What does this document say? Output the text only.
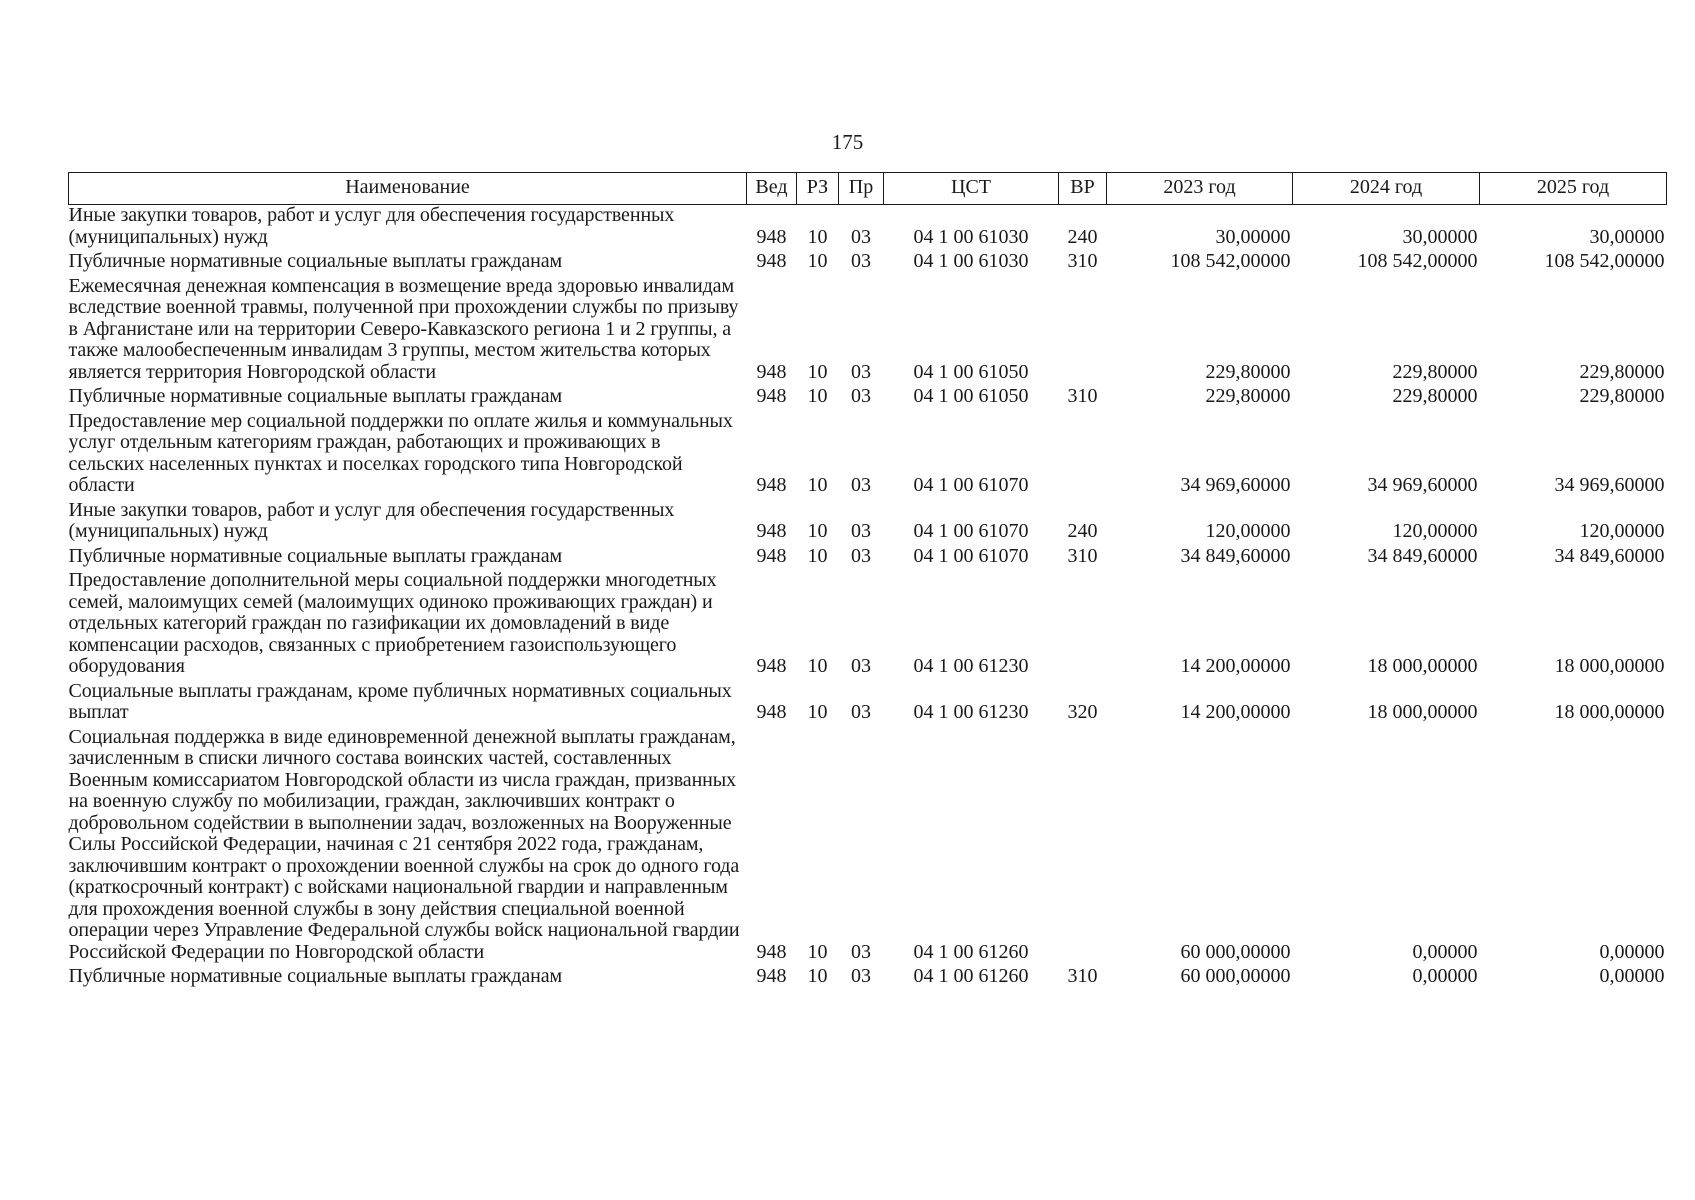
175
Наименование	Вед	РЗ	Пр	ЦСТ	ВР	2023 год	2024 год	2025 год
Иные закупки товаров, работ и услуг для обеспечения государственных (муниципальных) нужд	948	10	03	04 1 00 61030	240	30,00000	30,00000	30,00000
Публичные нормативные социальные выплаты гражданам	948	10	03	04 1 00 61030	310	108 542,00000	108 542,00000	108 542,00000
Ежемесячная денежная компенсация в возмещение вреда здоровью инвалидам вследствие военной травмы, полученной при прохождении службы по призыву в Афганистане или на территории Северо-Кавказского региона 1 и 2 группы, а также малообеспеченным инвалидам 3 группы, местом жительства которых является территория Новгородской области	948	10	03	04 1 00 61050		229,80000	229,80000	229,80000
Публичные нормативные социальные выплаты гражданам	948	10	03	04 1 00 61050	310	229,80000	229,80000	229,80000
Предоставление мер социальной поддержки по оплате жилья и коммунальных услуг отдельным категориям граждан, работающих и проживающих в сельских населенных пунктах и поселках городского типа Новгородской области	948	10	03	04 1 00 61070		34 969,60000	34 969,60000	34 969,60000
Иные закупки товаров, работ и услуг для обеспечения государственных (муниципальных) нужд	948	10	03	04 1 00 61070	240	120,00000	120,00000	120,00000
Публичные нормативные социальные выплаты гражданам	948	10	03	04 1 00 61070	310	34 849,60000	34 849,60000	34 849,60000
Предоставление дополнительной меры социальной поддержки многодетных семей, малоимущих семей (малоимущих одиноко проживающих граждан) и отдельных категорий граждан по газификации их домовладений в виде компенсации расходов, связанных с приобретением газоиспользующего оборудования	948	10	03	04 1 00 61230		14 200,00000	18 000,00000	18 000,00000
Социальные выплаты гражданам, кроме публичных нормативных социальных выплат	948	10	03	04 1 00 61230	320	14 200,00000	18 000,00000	18 000,00000
Социальная поддержка в виде единовременной денежной выплаты гражданам, зачисленным в списки личного состава воинских частей, составленных Военным комиссариатом Новгородской области из числа граждан, призванных на военную службу по мобилизации, граждан, заключивших контракт о добровольном содействии в выполнении задач, возложенных на Вооруженные Силы Российской Федерации, начиная с 21 сентября 2022 года, гражданам, заключившим контракт о прохождении военной службы на срок до одного года (краткосрочный контракт) с войсками национальной гвардии и направленным для прохождения военной службы в зону действия специальной военной операции через Управление Федеральной службы войск национальной гвардии Российской Федерации по Новгородской области	948	10	03	04 1 00 61260		60 000,00000	0,00000	0,00000
Публичные нормативные социальные выплаты гражданам	948	10	03	04 1 00 61260	310	60 000,00000	0,00000	0,00000
